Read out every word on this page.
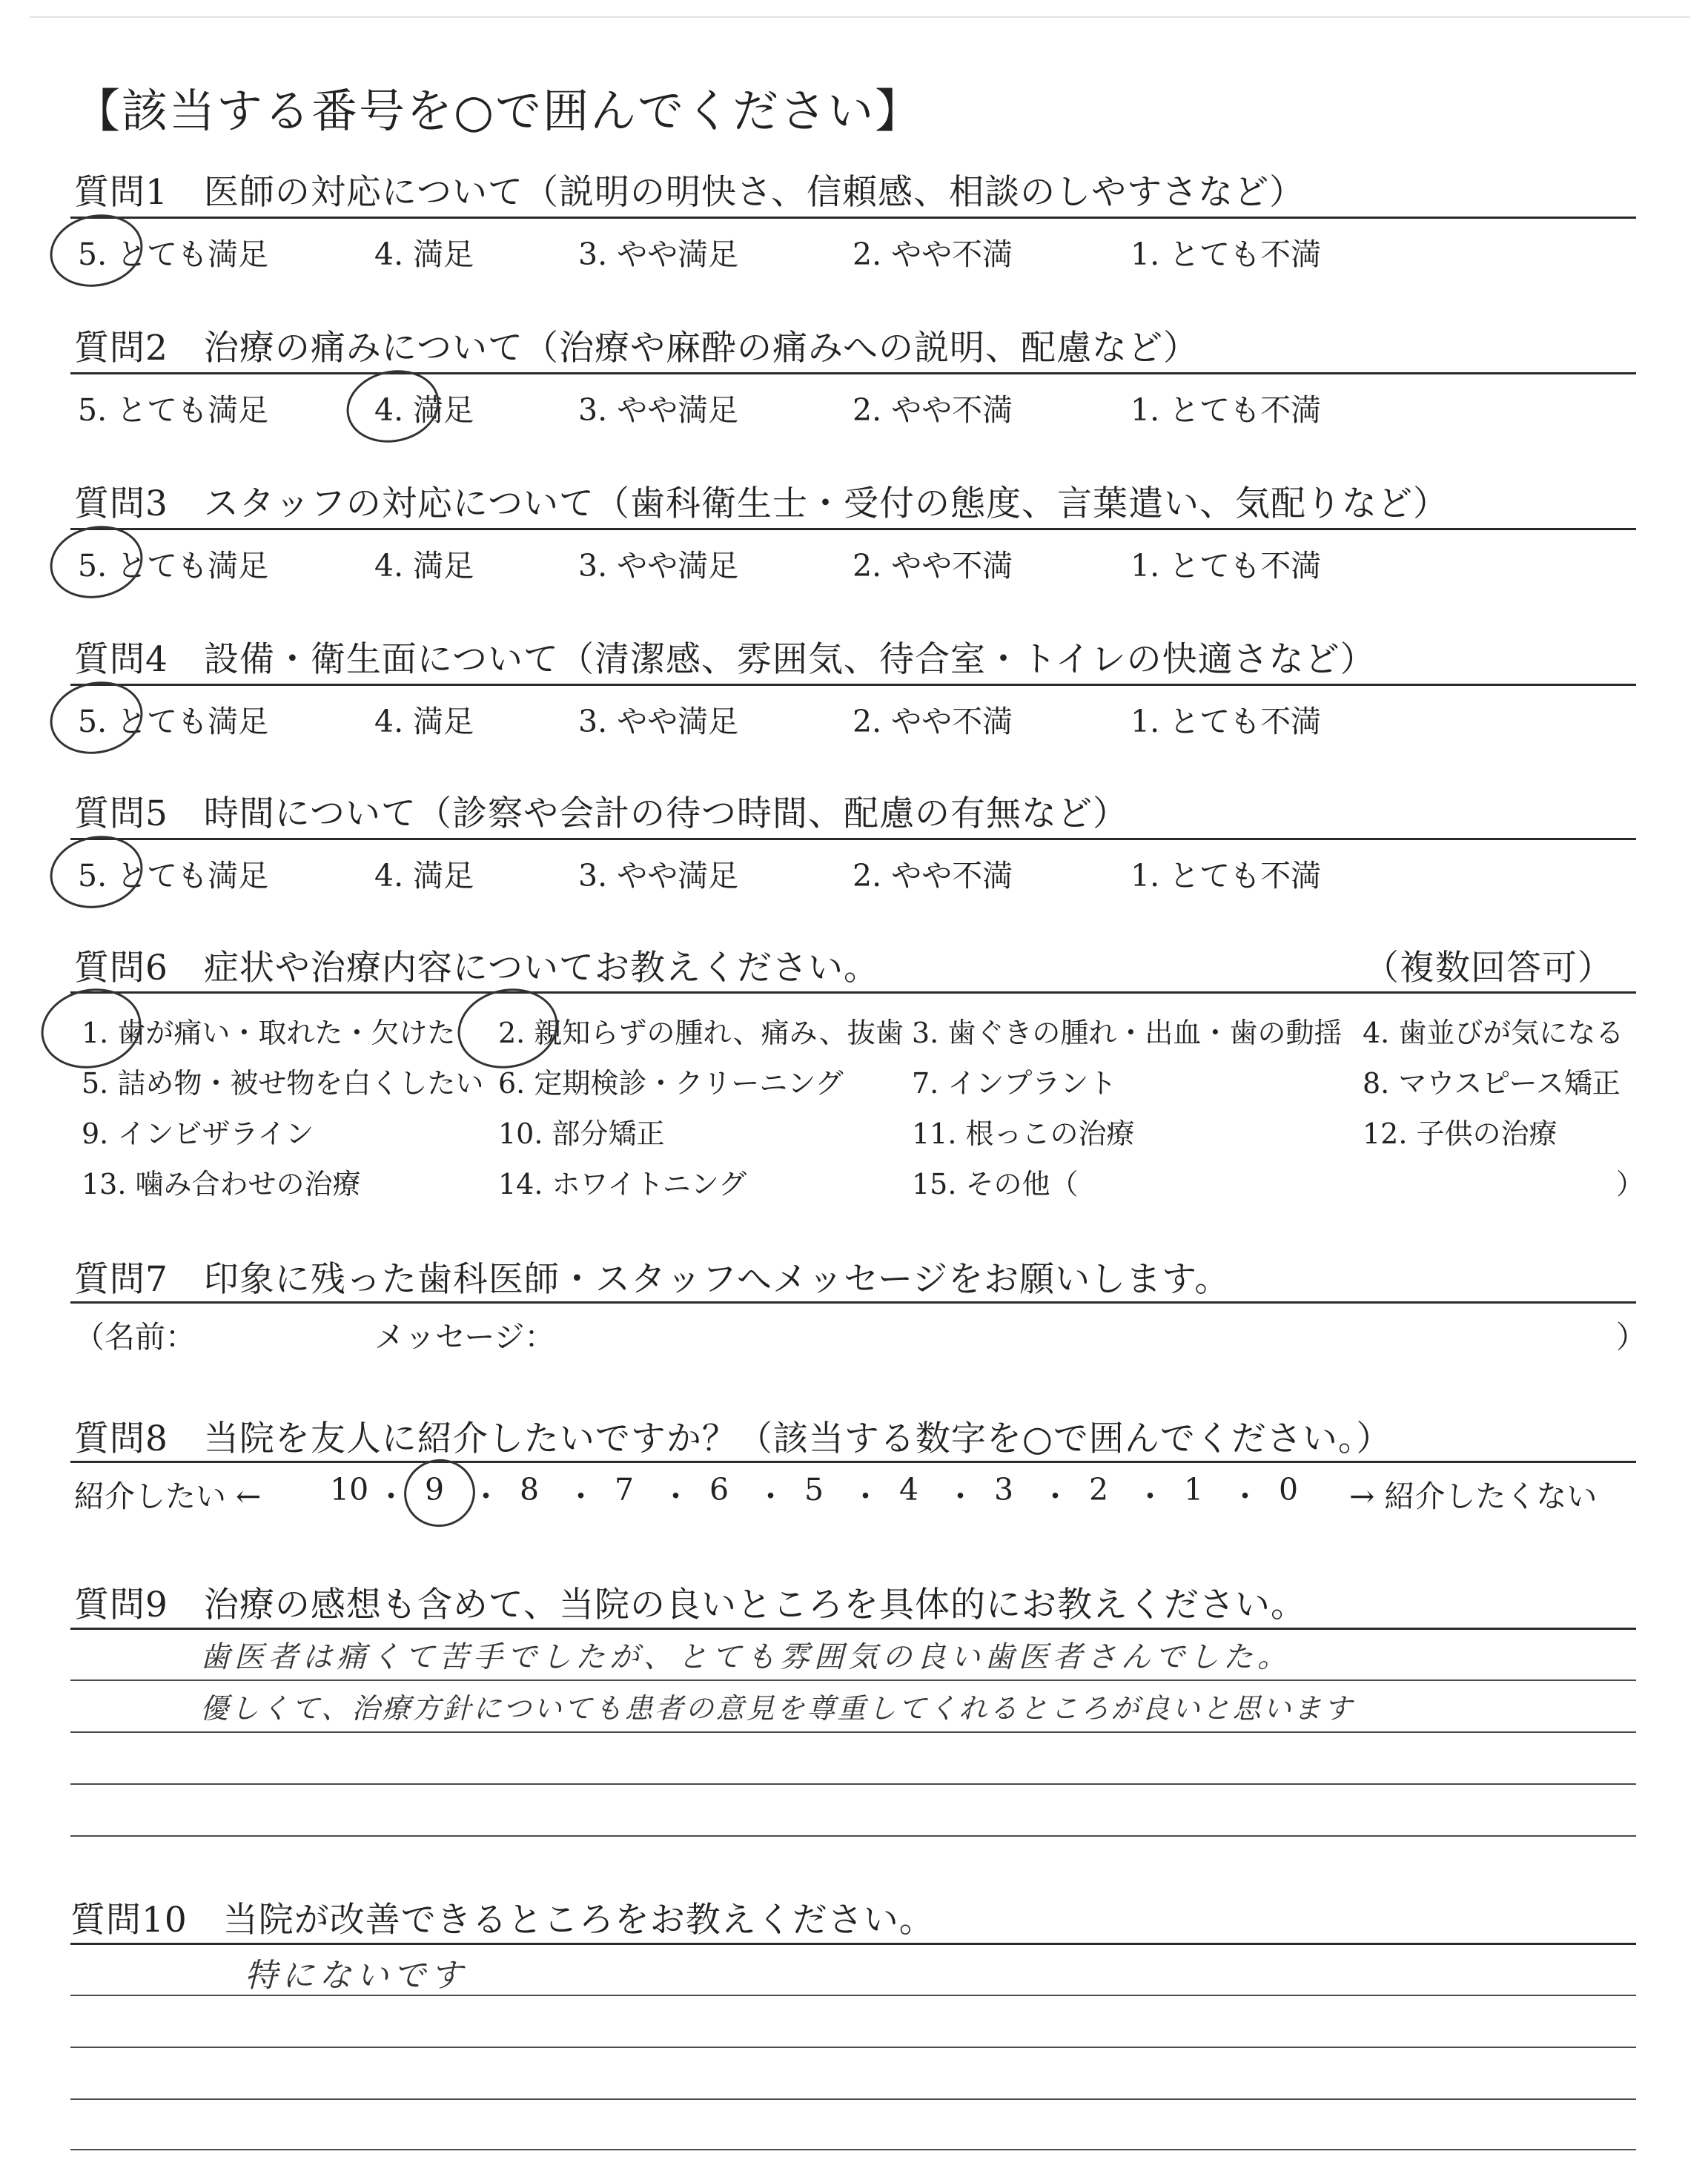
【該当する番号を○で囲んでください】
質問1　医師の対応について（説明の明快さ、信頼感、相談のしやすさなど）
5. とても満足	4. 満足	3. やや満足	2. やや不満	1. とても不満
質問2　治療の痛みについて（治療や麻酔の痛みへの説明、配慮など）
5. とても満足	4. 満足	3. やや満足	2. やや不満	1. とても不満
質問3　スタッフの対応について（歯科衛生士・受付の態度、言葉遣い、気配りなど）
5. とても満足	4. 満足	3. やや満足	2. やや不満	1. とても不満
質問4　設備・衛生面について（清潔感、雰囲気、待合室・トイレの快適さなど）
5. とても満足	4. 満足	3. やや満足	2. やや不満	1. とても不満
質問5　時間について（診察や会計の待つ時間、配慮の有無など）
5. とても満足	4. 満足	3. やや満足	2. やや不満	1. とても不満
質問6　症状や治療内容についてお教えください。	（複数回答可）
1. 歯が痛い・取れた・欠けた 2. 親知らずの腫れ、痛み、抜歯 3. 歯ぐきの腫れ・出血・歯の動揺 4. 歯並びが気になる
5. 詰め物・被せ物を白くしたい 6. 定期検診・クリーニング 7. インプラント	8. マウスピース矯正
9. インビザライン	10. 部分矯正	11. 根っこの治療	12. 子供の治療
13. 噛み合わせの治療	14. ホワイトニング	15. その他（	）
質問7　印象に残った歯科医師・スタッフへメッセージをお願いします。
（名前：	メッセージ：	）
質問8　当院を友人に紹介したいですか？（該当する数字を○で囲んでください。）
紹介したい ←	→ 紹介したくない
10 ・ 9 ・ 8 ・ 7 ・ 6 ・ 5 ・ 4 ・ 3 ・ 2 ・ 1 ・ 0
質問9　治療の感想も含めて、当院の良いところを具体的にお教えください。
歯医者は痛くて苦手でしたが、とても雰囲気の良い歯医者さんでした。
優しくて、治療方針についても患者の意見を尊重してくれるところが良いと思います
質問10　当院が改善できるところをお教えください。
特にないです
